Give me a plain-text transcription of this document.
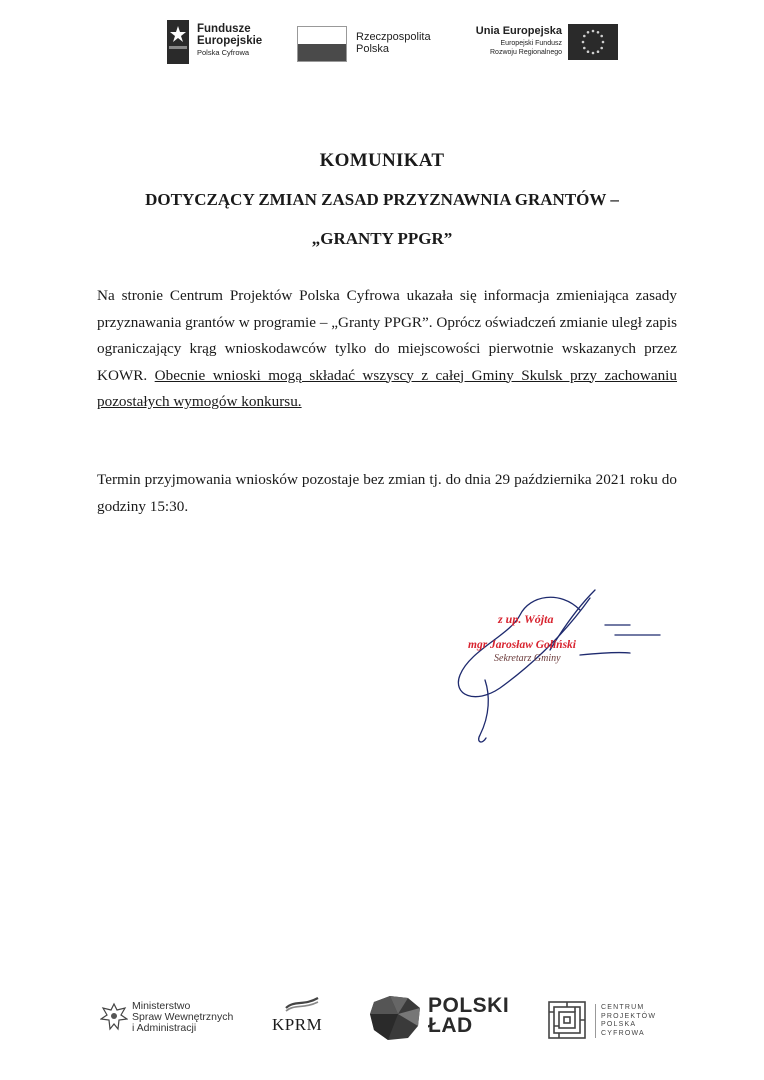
Fundusze
Europejskie
Polska Cyfrowa
Rzeczpospolita
Polska
Unia Europejska
Europejski Fundusz
Rozwoju Regionalnego
KOMUNIKAT
DOTYCZĄCY ZMIAN ZASAD PRZYZNAWNIA GRANTÓW –
„GRANTY PPGR”
Na stronie Centrum Projektów Polska Cyfrowa ukazała się informacja zmieniająca zasady przyznawania grantów w programie – „Granty PPGR”. Oprócz oświadczeń zmianie uległ zapis ograniczający krąg wnioskodawców tylko do miejscowości pierwotnie wskazanych przez KOWR. Obecnie wnioski mogą składać wszyscy z całej Gminy Skulsk przy zachowaniu pozostałych wymogów konkursu.
Termin przyjmowania wniosków pozostaje bez zmian tj. do dnia 29 października 2021 roku do godziny 15:30.
z up. Wójta
mgr Jarosław Goliński
Sekretarz Gminy
Ministerstwo
Spraw Wewnętrznych
i Administracji	KPRM
POLSKI
ŁAD
CENTRUM
PROJEKTÓW
POLSKA
CYFROWA
